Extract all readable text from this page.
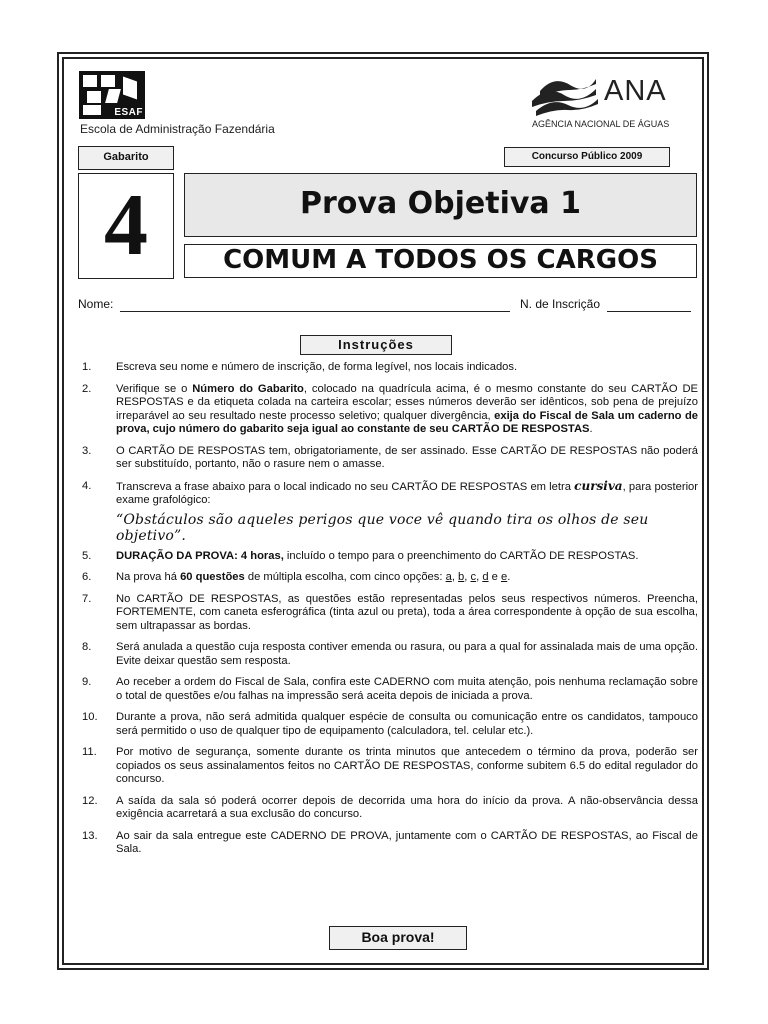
ESAF
Escola de Administração Fazendária
ANA
AGÊNCIA NACIONAL DE ÁGUAS
Gabarito	Concurso Público 2009
4	Prova Objetiva 1
COMUM A TODOS OS CARGOS
Nome:	N. de Inscrição
Instruções
1.	Escreva seu nome e número de inscrição, de forma legível, nos locais indicados.
2.	Verifique se o Número do Gabarito, colocado na quadrícula acima, é o mesmo constante do seu CARTÃO DE RESPOSTAS e da etiqueta colada na carteira escolar; esses números deverão ser idênticos, sob pena de prejuízo irreparável ao seu resultado neste processo seletivo; qualquer divergência, exija do Fiscal de Sala um caderno de prova, cujo número do gabarito seja igual ao constante de seu CARTÃO DE RESPOSTAS.
3.	O CARTÃO DE RESPOSTAS tem, obrigatoriamente, de ser assinado. Esse CARTÃO DE RESPOSTAS não poderá ser substituído, portanto, não o rasure nem o amasse.
4.	Transcreva a frase abaixo para o local indicado no seu CARTÃO DE RESPOSTAS em letra cursiva, para posterior exame grafológico:
“Obstáculos são aqueles perigos que voce vê quando tira os olhos de seu objetivo”.
5.	DURAÇÃO DA PROVA: 4 horas, incluído o tempo para o preenchimento do CARTÃO DE RESPOSTAS.
6.	Na prova há 60 questões de múltipla escolha, com cinco opções: a, b, c, d e e.
7.	No CARTÃO DE RESPOSTAS, as questões estão representadas pelos seus respectivos números. Preencha, FORTEMENTE, com caneta esferográfica (tinta azul ou preta), toda a área correspondente à opção de sua escolha, sem ultrapassar as bordas.
8.	Será anulada a questão cuja resposta contiver emenda ou rasura, ou para a qual for assinalada mais de uma opção. Evite deixar questão sem resposta.
9.	Ao receber a ordem do Fiscal de Sala, confira este CADERNO com muita atenção, pois nenhuma reclamação sobre o total de questões e/ou falhas na impressão será aceita depois de iniciada a prova.
10.	Durante a prova, não será admitida qualquer espécie de consulta ou comunicação entre os candidatos, tampouco será permitido o uso de qualquer tipo de equipamento (calculadora, tel. celular etc.).
11.	Por motivo de segurança, somente durante os trinta minutos que antecedem o término da prova, poderão ser copiados os seus assinalamentos feitos no CARTÃO DE RESPOSTAS, conforme subitem 6.5 do edital regulador do concurso.
12.	A saída da sala só poderá ocorrer depois de decorrida uma hora do início da prova. A não-observância dessa exigência acarretará a sua exclusão do concurso.
13.	Ao sair da sala entregue este CADERNO DE PROVA, juntamente com o CARTÃO DE RESPOSTAS, ao Fiscal de Sala.
Boa prova!
